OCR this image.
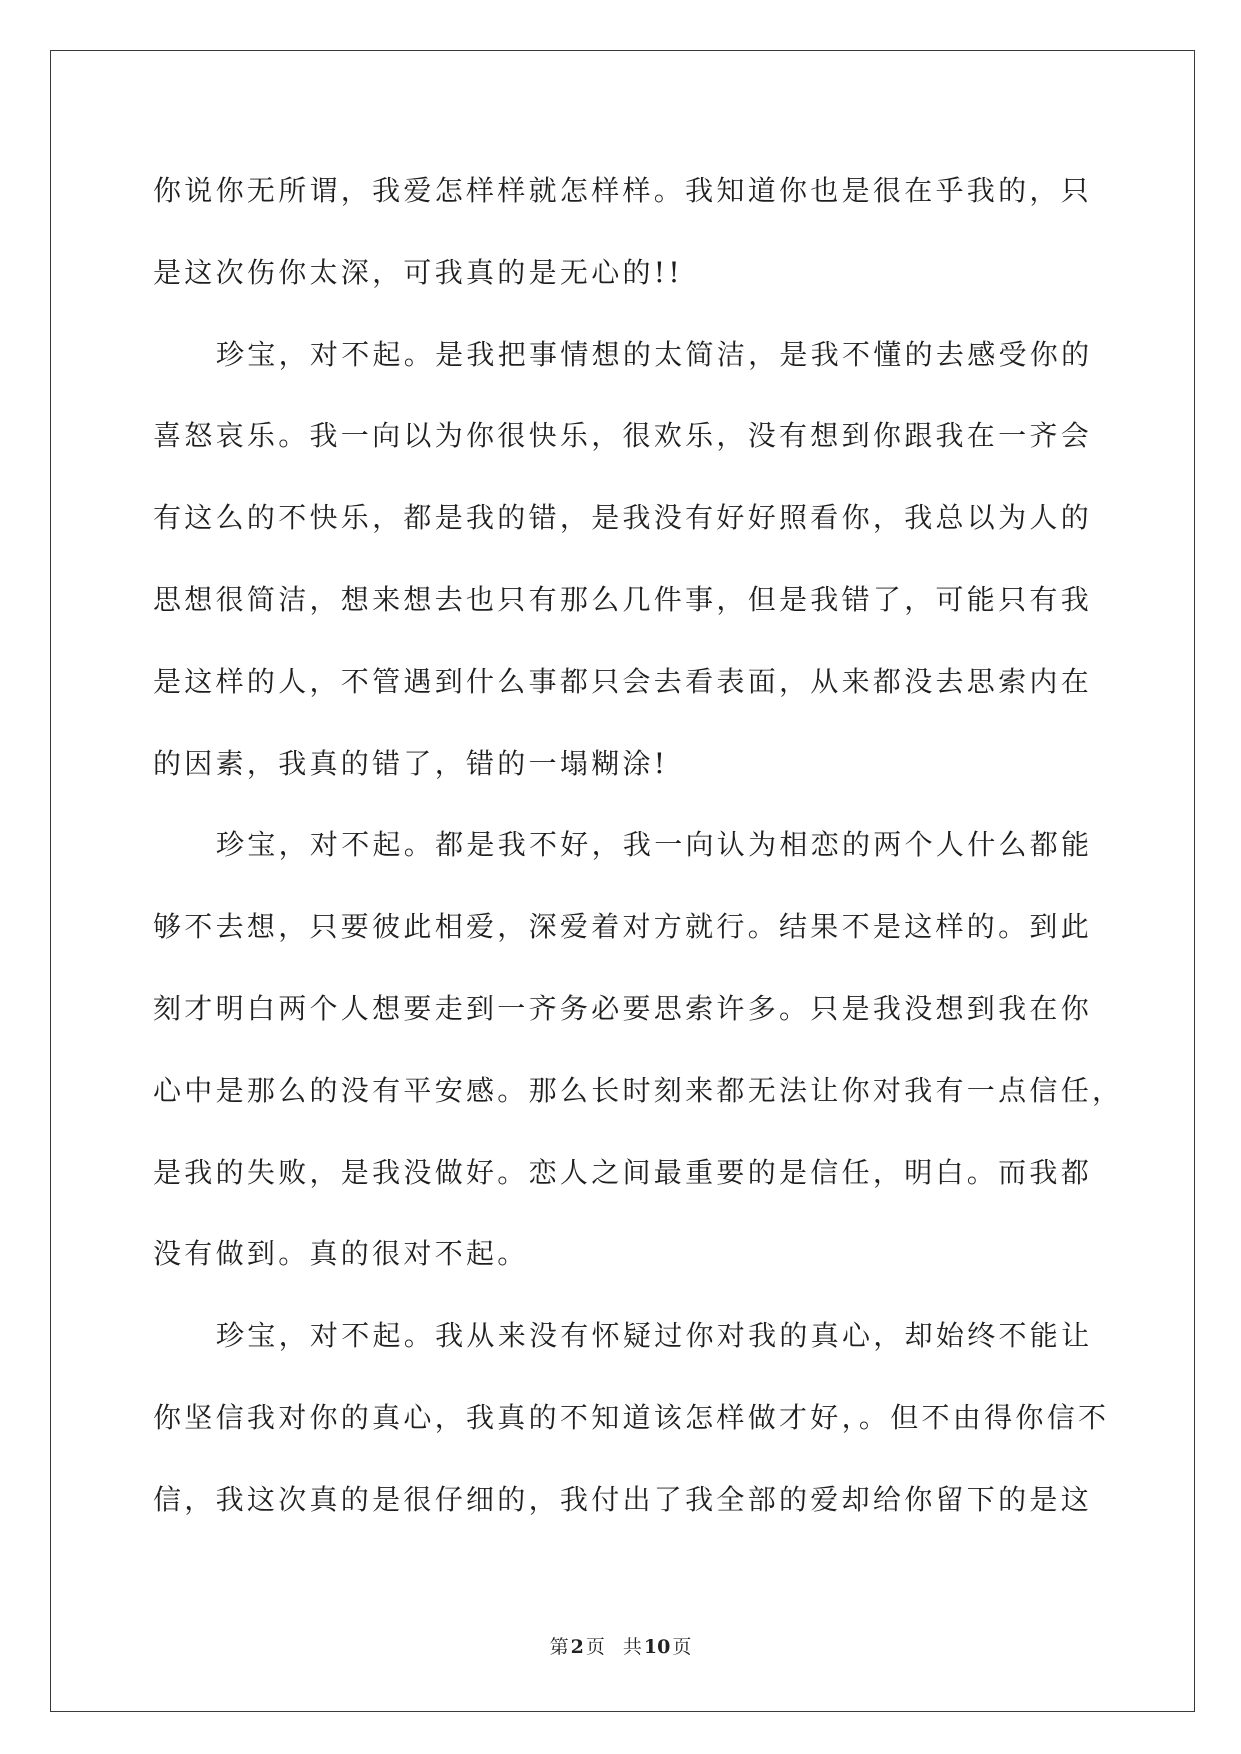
你说你无所谓，我爱怎样样就怎样样。我知道你也是很在乎我的，只
是这次伤你太深，可我真的是无心的!!
珍宝，对不起。是我把事情想的太简洁，是我不懂的去感受你的
喜怒哀乐。我一向以为你很快乐，很欢乐，没有想到你跟我在一齐会
有这么的不快乐，都是我的错，是我没有好好照看你，我总以为人的
思想很简洁，想来想去也只有那么几件事，但是我错了，可能只有我
是这样的人，不管遇到什么事都只会去看表面，从来都没去思索内在
的因素，我真的错了，错的一塌糊涂!
珍宝，对不起。都是我不好，我一向认为相恋的两个人什么都能
够不去想，只要彼此相爱，深爱着对方就行。结果不是这样的。到此
刻才明白两个人想要走到一齐务必要思索许多。只是我没想到我在你
心中是那么的没有平安感。那么长时刻来都无法让你对我有一点信任，
是我的失败，是我没做好。恋人之间最重要的是信任，明白。而我都
没有做到。真的很对不起。
珍宝，对不起。我从来没有怀疑过你对我的真心，却始终不能让
你坚信我对你的真心，我真的不知道该怎样做才好，。但不由得你信不
信，我这次真的是很仔细的，我付出了我全部的爱却给你留下的是这
第 2 页 共 10 页
